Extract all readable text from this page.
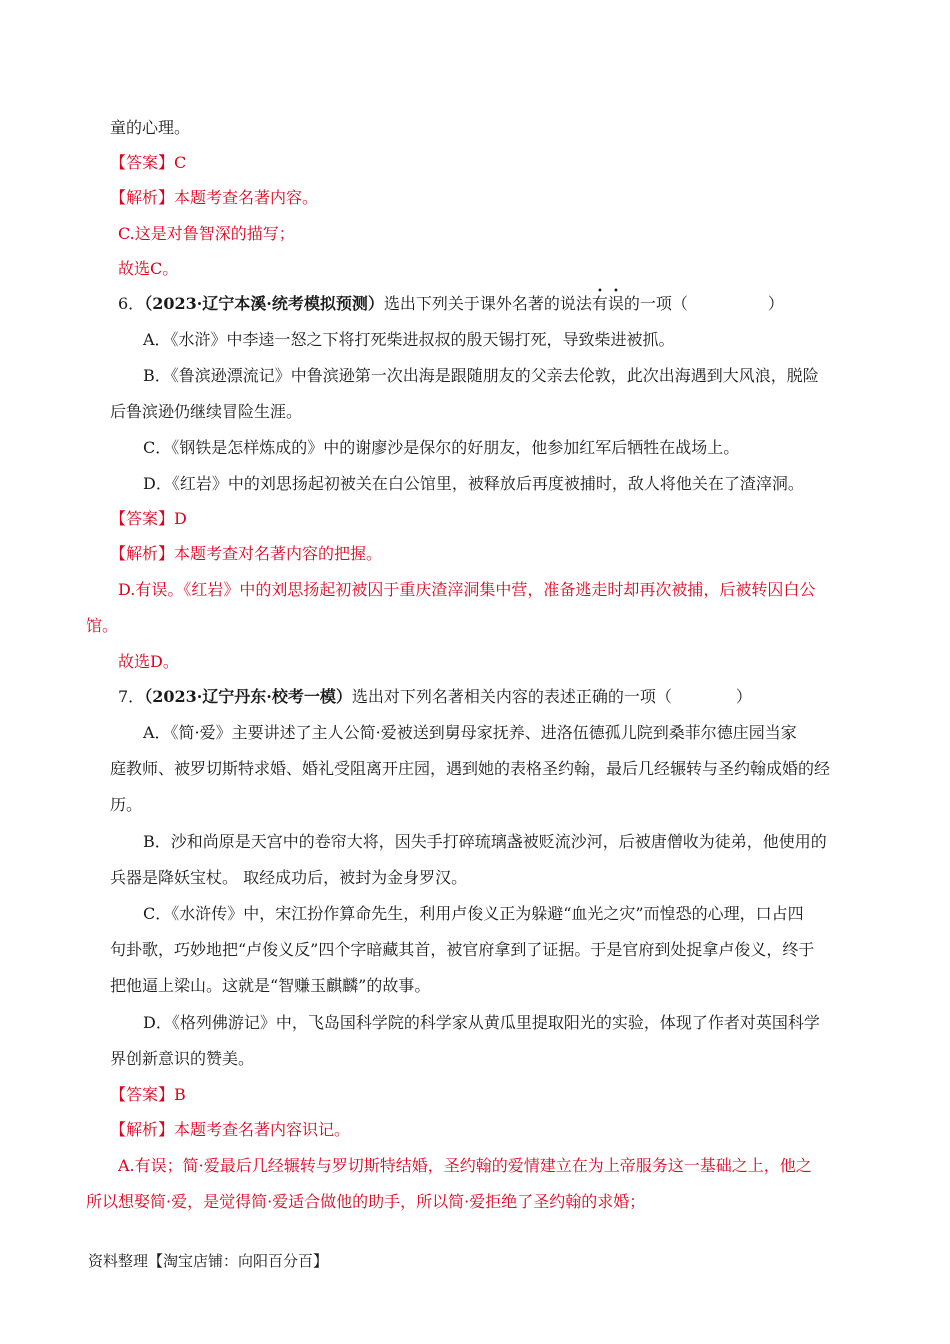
童的心理。
【答案】C
【解析】本题考查名著内容。
C.这是对鲁智深的描写；
故选C。
6．（2023·辽宁本溪·统考模拟预测）选出下列关于课外名著的说法有误的一项（　　　　　）
A．《水浒》中李逵一怒之下将打死柴进叔叔的殷天锡打死，导致柴进被抓。
B．《鲁滨逊漂流记》中鲁滨逊第一次出海是跟随朋友的父亲去伦敦，此次出海遇到大风浪，脱险
后鲁滨逊仍继续冒险生涯。
C．《钢铁是怎样炼成的》中的谢廖沙是保尔的好朋友，他参加红军后牺牲在战场上。
D．《红岩》中的刘思扬起初被关在白公馆里，被释放后再度被捕时，敌人将他关在了渣滓洞。
【答案】D
【解析】本题考查对名著内容的把握。
D.有误。《红岩》中的刘思扬起初被囚于重庆渣滓洞集中营，准备逃走时却再次被捕，后被转囚白公
馆。
故选D。
7．（2023·辽宁丹东·校考一模）选出对下列名著相关内容的表述正确的一项（　　　　）
A．《简·爱》主要讲述了主人公简·爱被送到舅母家抚养、进洛伍德孤儿院到桑菲尔德庄园当家
庭教师、被罗切斯特求婚、婚礼受阻离开庄园，遇到她的表格圣约翰，最后几经辗转与圣约翰成婚的经
历。
B．沙和尚原是天宫中的卷帘大将，因失手打碎琉璃盏被贬流沙河，后被唐僧收为徒弟，他使用的
兵器是降妖宝杖。 取经成功后，被封为金身罗汉。
C．《水浒传》中，宋江扮作算命先生，利用卢俊义正为躲避“血光之灾”而惶恐的心理，口占四
句卦歌，巧妙地把“卢俊义反”四个字暗藏其首，被官府拿到了证据。于是官府到处捉拿卢俊义，终于
把他逼上梁山。这就是“智赚玉麒麟”的故事。
D．《格列佛游记》中，飞岛国科学院的科学家从黄瓜里提取阳光的实验，体现了作者对英国科学
界创新意识的赞美。
【答案】B
【解析】本题考查名著内容识记。
A.有误；简·爱最后几经辗转与罗切斯特结婚，圣约翰的爱情建立在为上帝服务这一基础之上，他之
所以想娶简·爱，是觉得简·爱适合做他的助手，所以简·爱拒绝了圣约翰的求婚；
资料整理【淘宝店铺：向阳百分百】
